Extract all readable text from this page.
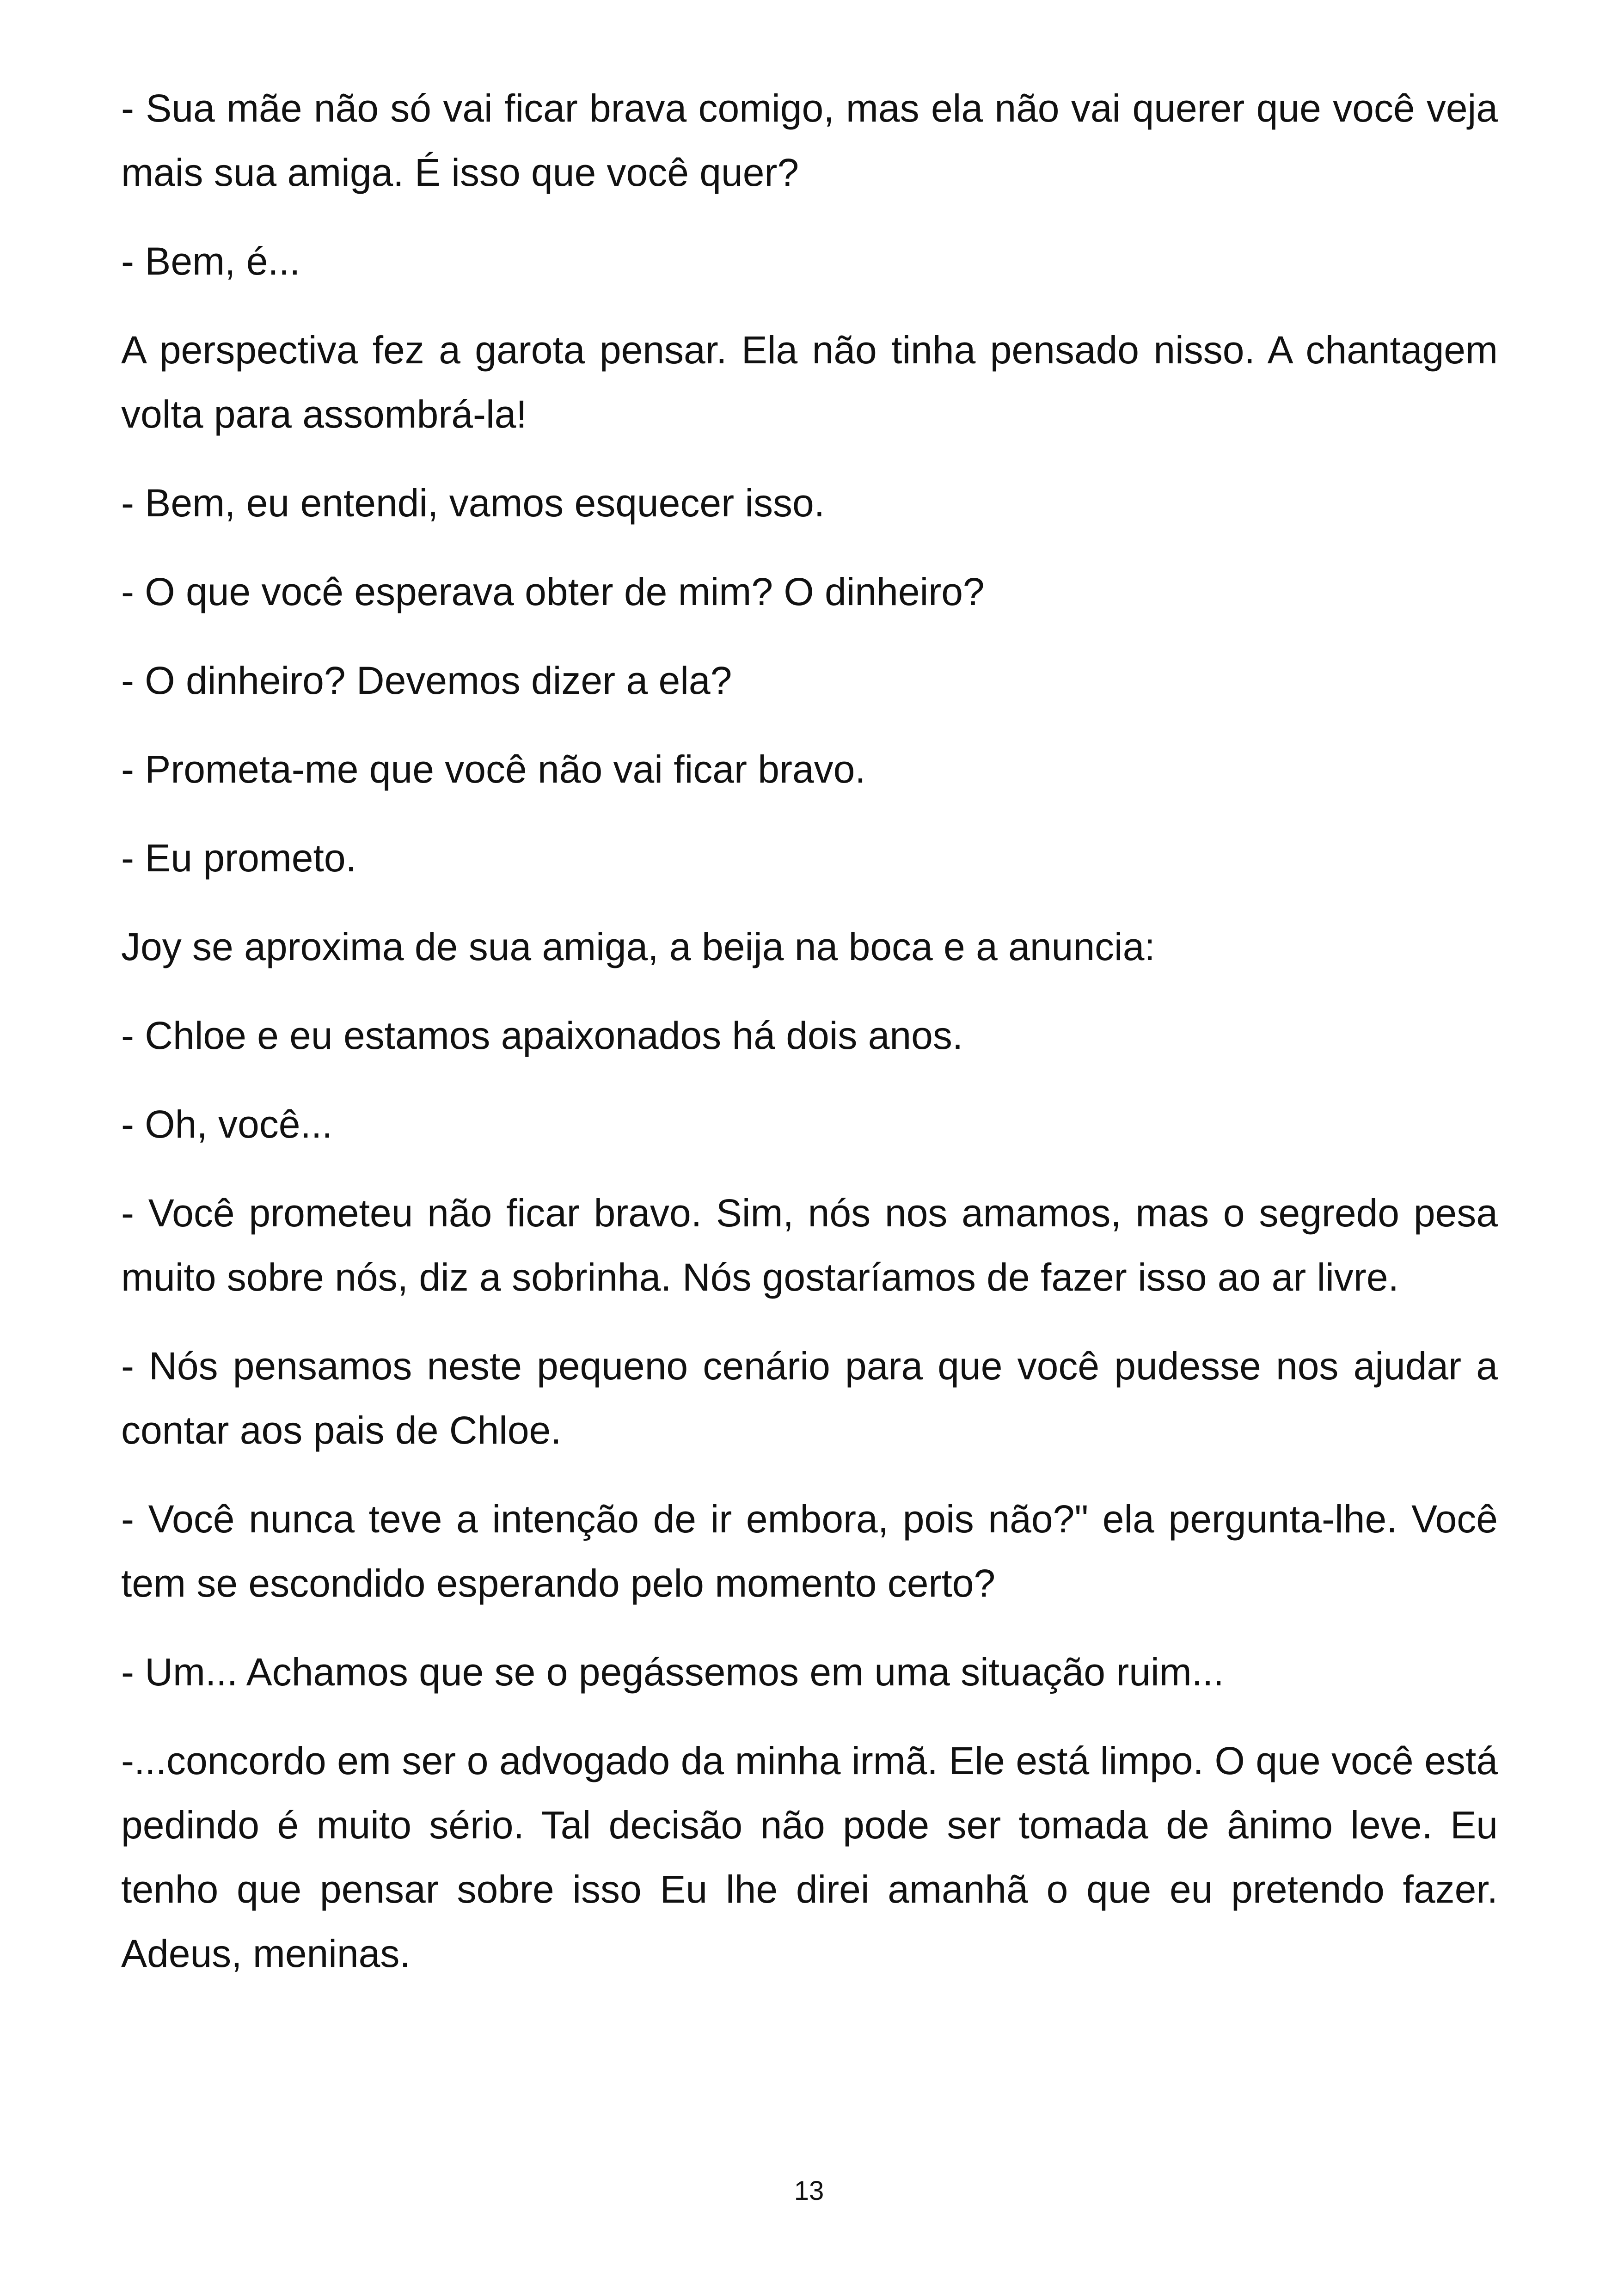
- Sua mãe não só vai ficar brava comigo, mas ela não vai querer que você veja mais sua amiga. É isso que você quer?

- Bem, é...

A perspectiva fez a garota pensar. Ela não tinha pensado nisso. A chantagem volta para assombrá-la!

- Bem, eu entendi, vamos esquecer isso.

- O que você esperava obter de mim? O dinheiro?

- O dinheiro? Devemos dizer a ela?

- Prometa-me que você não vai ficar bravo.

- Eu prometo.

Joy se aproxima de sua amiga, a beija na boca e a anuncia:

- Chloe e eu estamos apaixonados há dois anos.

- Oh, você...

- Você prometeu não ficar bravo. Sim, nós nos amamos, mas o segredo pesa muito sobre nós, diz a sobrinha. Nós gostaríamos de fazer isso ao ar livre.

- Nós pensamos neste pequeno cenário para que você pudesse nos ajudar a contar aos pais de Chloe.

- Você nunca teve a intenção de ir embora, pois não?" ela pergunta-lhe. Você tem se escondido esperando pelo momento certo?

- Um... Achamos que se o pegássemos em uma situação ruim...

-...concordo em ser o advogado da minha irmã. Ele está limpo. O que você está pedindo é muito sério. Tal decisão não pode ser tomada de ânimo leve. Eu tenho que pensar sobre isso Eu lhe direi amanhã o que eu pretendo fazer. Adeus, meninas.

13
